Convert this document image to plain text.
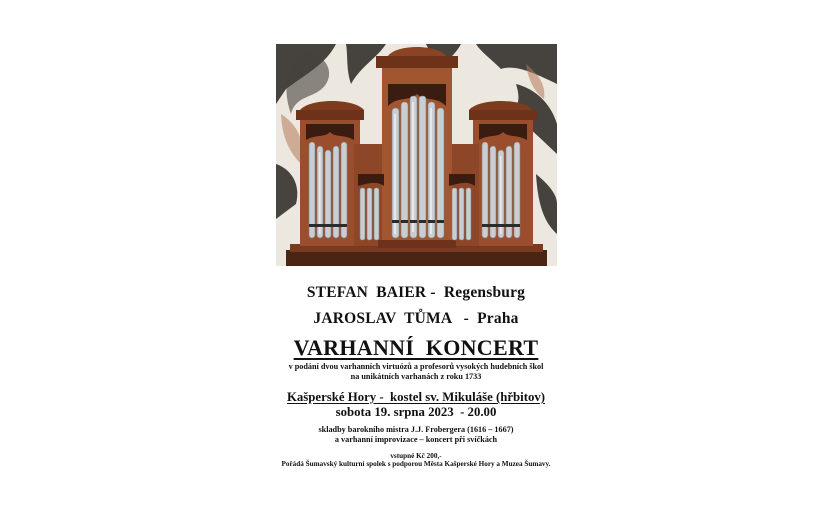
STEFAN  BAIER -  Regensburg
JAROSLAV  TŮMA   -  Praha
VARHANNÍ  KONCERT
v podání dvou varhanních virtuózů a profesorů vysokých hudebních škol
na unikátních varhanách z roku 1733
Kašperské Hory -  kostel sv. Mikuláše (hřbitov)
sobota 19. srpna 2023  - 20.00
skladby barokního mistra J.J. Frobergera (1616 – 1667)
a varhanní improvizace – koncert při svíčkách
vstupné Kč 200,-
Pořádá Šumavský kulturní spolek s podporou Města Kašperské Hory a Muzea Šumavy.
